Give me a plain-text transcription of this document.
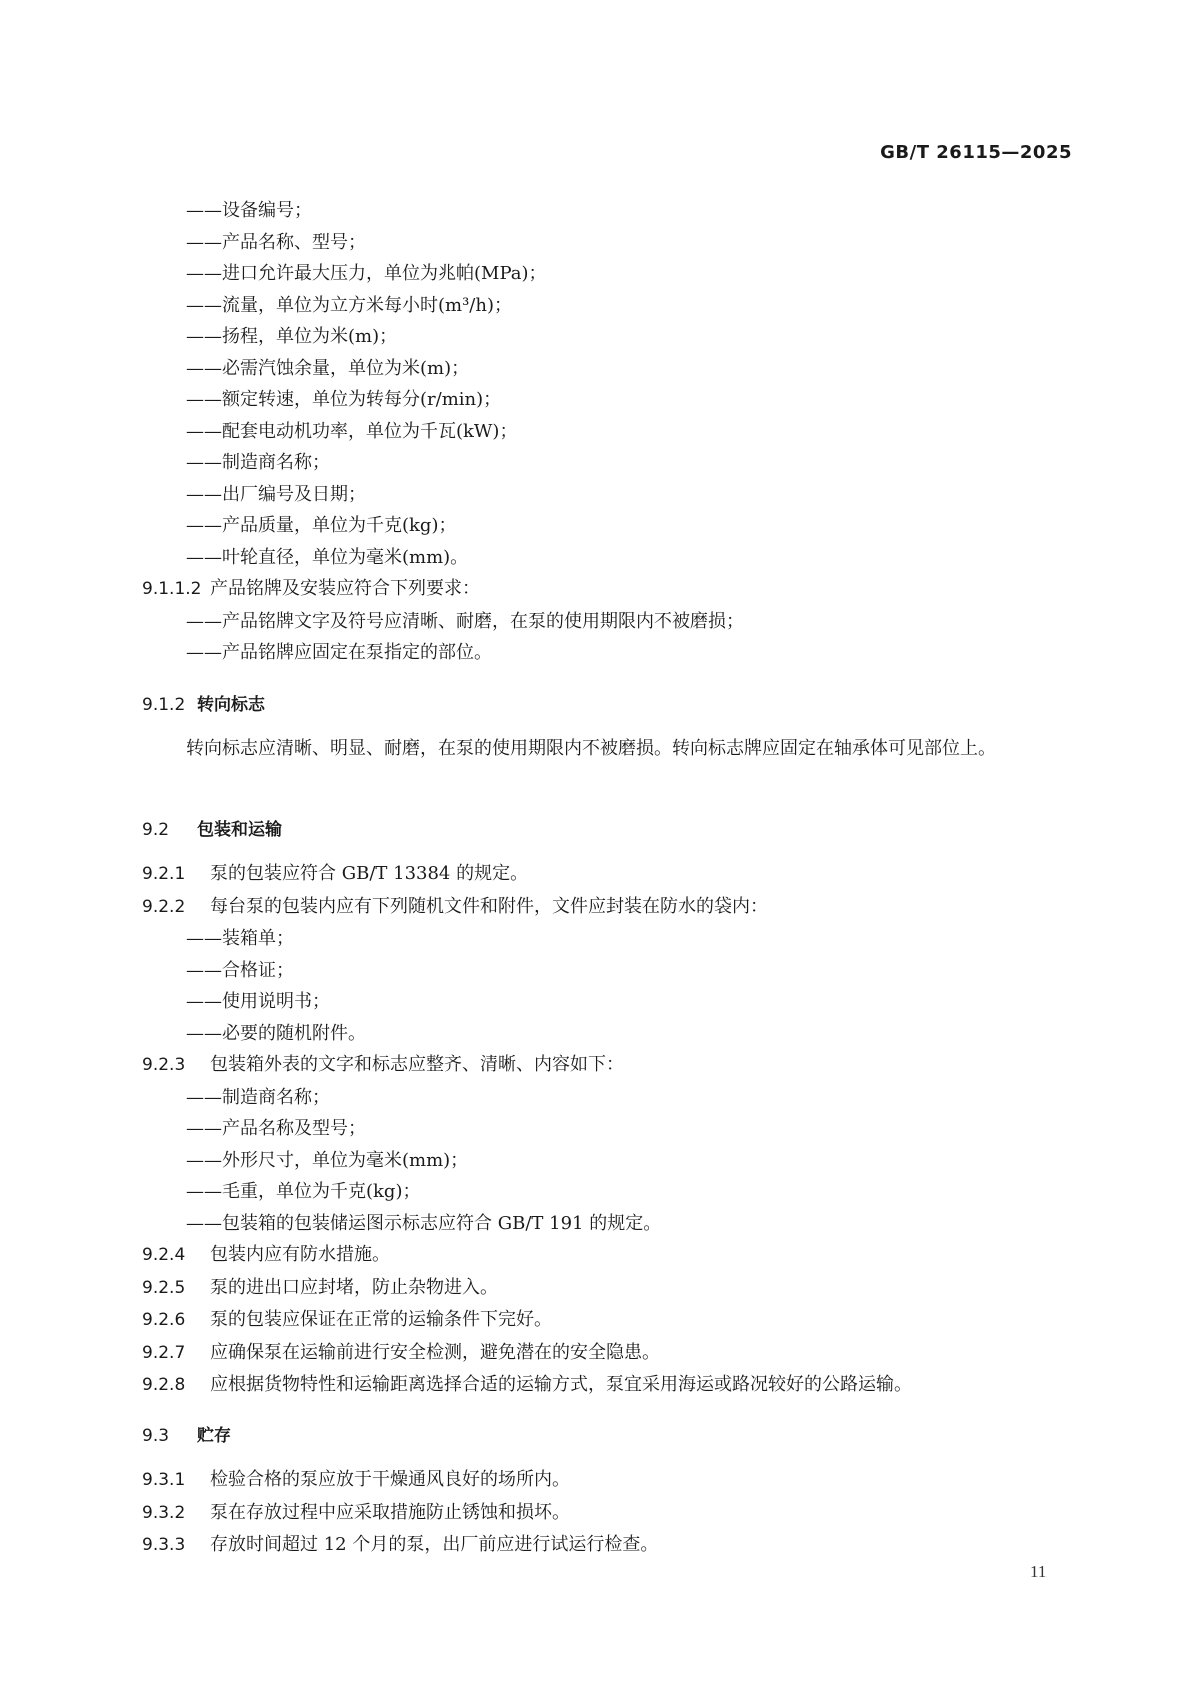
GB/T 26115—2025
——设备编号；
——产品名称、型号；
——进口允许最大压力，单位为兆帕(MPa)；
——流量，单位为立方米每小时(m³/h)；
——扬程，单位为米(m)；
——必需汽蚀余量，单位为米(m)；
——额定转速，单位为转每分(r/min)；
——配套电动机功率，单位为千瓦(kW)；
——制造商名称；
——出厂编号及日期；
——产品质量，单位为千克(kg)；
——叶轮直径，单位为毫米(mm)。
9.1.1.2 产品铭牌及安装应符合下列要求：
——产品铭牌文字及符号应清晰、耐磨，在泵的使用期限内不被磨损；
——产品铭牌应固定在泵指定的部位。
9.1.2 转向标志
转向标志应清晰、明显、耐磨，在泵的使用期限内不被磨损。转向标志牌应固定在轴承体可见部位上。
9.2 包装和运输
9.2.1 泵的包装应符合 GB/T 13384 的规定。
9.2.2 每台泵的包装内应有下列随机文件和附件，文件应封装在防水的袋内：
——装箱单；
——合格证；
——使用说明书；
——必要的随机附件。
9.2.3 包装箱外表的文字和标志应整齐、清晰、内容如下：
——制造商名称；
——产品名称及型号；
——外形尺寸，单位为毫米(mm)；
——毛重，单位为千克(kg)；
——包装箱的包装储运图示标志应符合 GB/T 191 的规定。
9.2.4 包装内应有防水措施。
9.2.5 泵的进出口应封堵，防止杂物进入。
9.2.6 泵的包装应保证在正常的运输条件下完好。
9.2.7 应确保泵在运输前进行安全检测，避免潜在的安全隐患。
9.2.8 应根据货物特性和运输距离选择合适的运输方式，泵宜采用海运或路况较好的公路运输。
9.3 贮存
9.3.1 检验合格的泵应放于干燥通风良好的场所内。
9.3.2 泵在存放过程中应采取措施防止锈蚀和损坏。
9.3.3 存放时间超过 12 个月的泵，出厂前应进行试运行检查。
11
